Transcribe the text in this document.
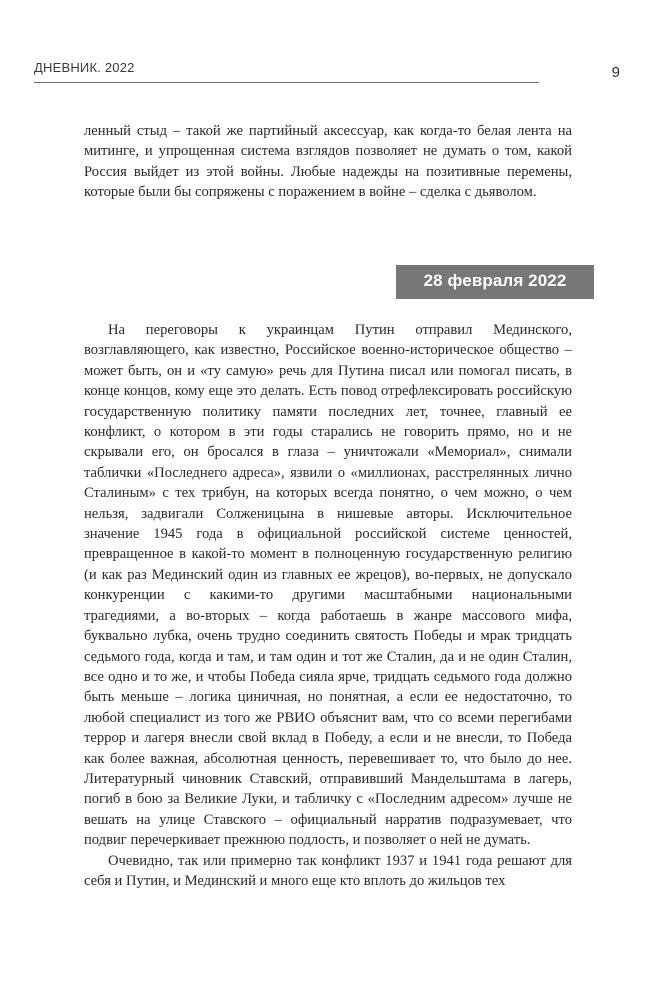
ДНЕВНИК. 2022	9

ленный стыд – такой же партийный аксессуар, как когда-то белая лента на митинге, и упрощенная система взглядов позволяет не думать о том, какой Россия выйдет из этой войны. Любые надежды на позитивные перемены, которые были бы сопряжены с поражением в войне – сделка с дьяволом.

28 февраля 2022

На переговоры к украинцам Путин отправил Мединского, возглавляющего, как известно, Российское военно-историческое общество – может быть, он и «ту самую» речь для Путина писал или помогал писать, в конце концов, кому еще это делать. Есть повод отрефлексировать российскую государственную политику памяти последних лет, точнее, главный ее конфликт, о котором в эти годы старались не говорить прямо, но и не скрывали его, он бросался в глаза – уничтожали «Мемориал», снимали таблички «Последнего адреса», язвили о «миллионах, расстрелянных лично Сталиным» с тех трибун, на которых всегда понятно, о чем можно, о чем нельзя, задвигали Солженицына в нишевые авторы. Исключительное значение 1945 года в официальной российской системе ценностей, превращенное в какой-то момент в полноценную государственную религию (и как раз Мединский один из главных ее жрецов), во-первых, не допускало конкуренции с какими-то другими масштабными национальными трагедиями, а во-вторых – когда работаешь в жанре массового мифа, буквально лубка, очень трудно соединить святость Победы и мрак тридцать седьмого года, когда и там, и там один и тот же Сталин, да и не один Сталин, все одно и то же, и чтобы Победа сияла ярче, тридцать седьмого года должно быть меньше – логика циничная, но понятная, а если ее недостаточно, то любой специалист из того же РВИО объяснит вам, что со всеми перегибами террор и лагеря внесли свой вклад в Победу, а если и не внесли, то Победа как более важная, абсолютная ценность, перевешивает то, что было до нее. Литературный чиновник Ставский, отправивший Мандельштама в лагерь, погиб в бою за Великие Луки, и табличку с «Последним адресом» лучше не вешать на улице Ставского – официальный нарратив подразумевает, что подвиг перечеркивает прежнюю подлость, и позволяет о ней не думать.

Очевидно, так или примерно так конфликт 1937 и 1941 года решают для себя и Путин, и Мединский и много еще кто вплоть до жильцов тех
